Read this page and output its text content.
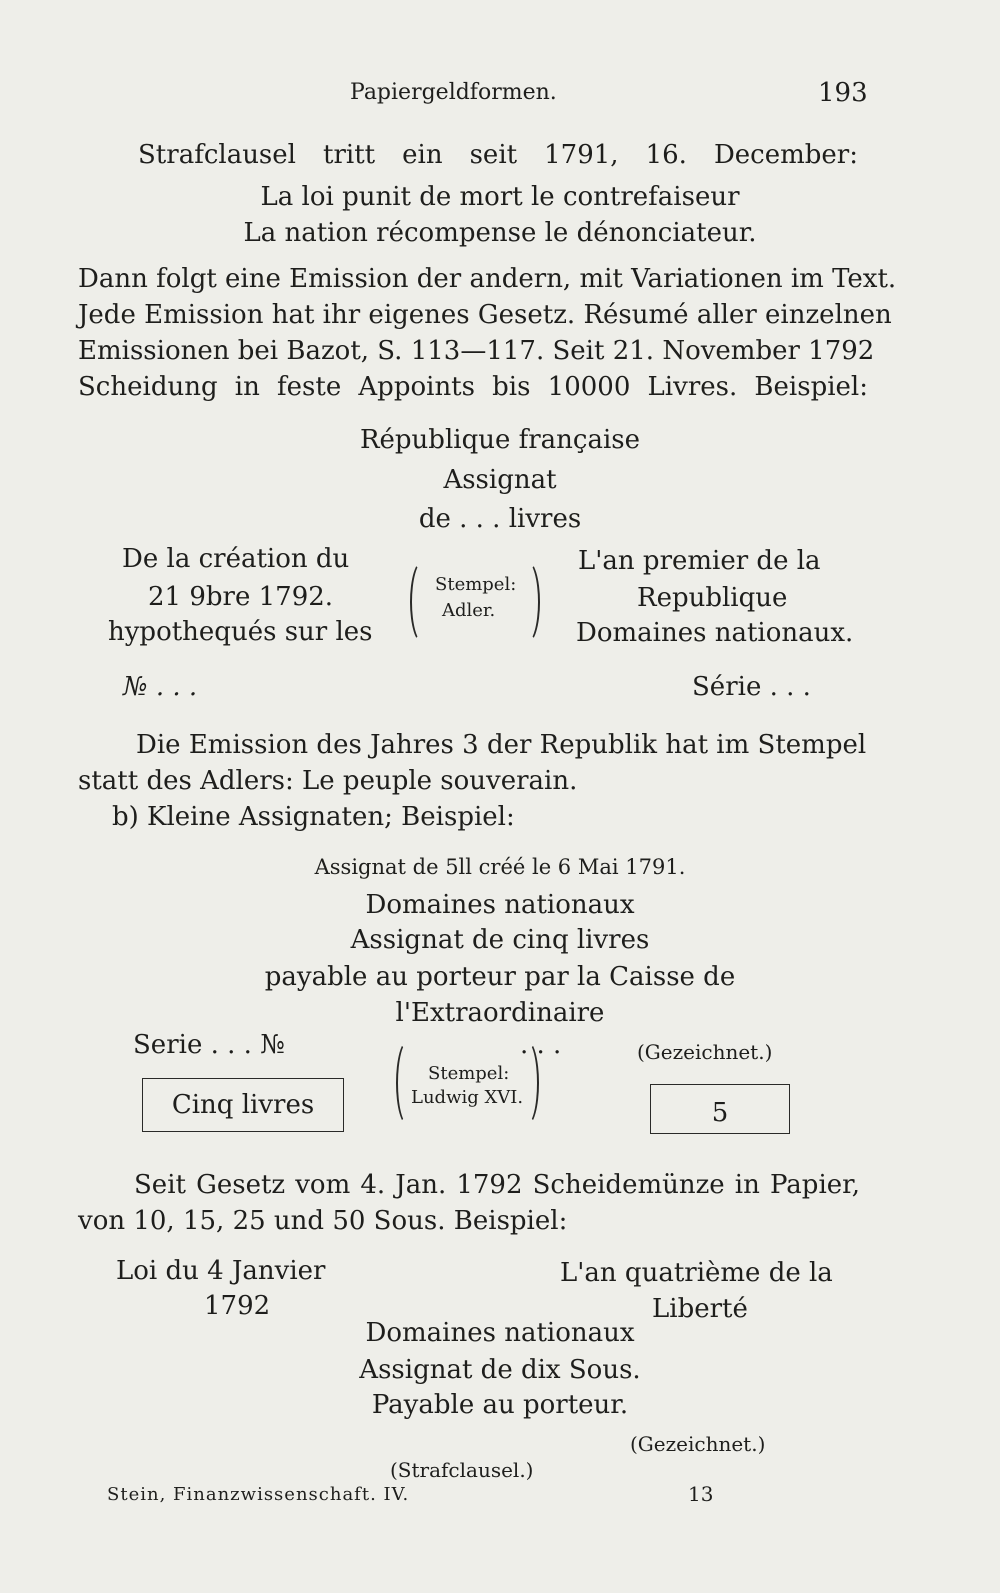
Papiergeldformen.	193
Strafclausel tritt ein seit 1791, 16. December:
La loi punit de mort le contrefaiseur
La nation récompense le dénonciateur.
Dann folgt eine Emission der andern, mit Variationen im Text.
Jede Emission hat ihr eigenes Gesetz. Résumé aller einzelnen
Emissionen bei Bazot, S. 113—117. Seit 21. November 1792
Scheidung in feste Appoints bis 10000 Livres. Beispiel:
République française
Assignat
de . . . livres
De la création du
21 9bre 1792.
hypothequés sur les
Stempel:
Adler.
L'an premier de la
Republique
Domaines nationaux.
№ . . .	Série . . .
Die Emission des Jahres 3 der Republik hat im Stempel
statt des Adlers: Le peuple souverain.
b) Kleine Assignaten; Beispiel:
Assignat de 5ll créé le 6 Mai 1791.
Domaines nationaux
Assignat de cinq livres
payable au porteur par la Caisse de
l'Extraordinaire
Serie . . . №	. . .	(Gezeichnet.)
Stempel:
Ludwig XVI.
Cinq livres	5
Seit Gesetz vom 4. Jan. 1792 Scheidemünze in Papier,
von 10, 15, 25 und 50 Sous. Beispiel:
Loi du 4 Janvier
1792
L'an quatrième de la
Liberté
Domaines nationaux
Assignat de dix Sous.
Payable au porteur.
(Gezeichnet.)
(Strafclausel.)
Stein, Finanzwissenschaft. IV.	13
